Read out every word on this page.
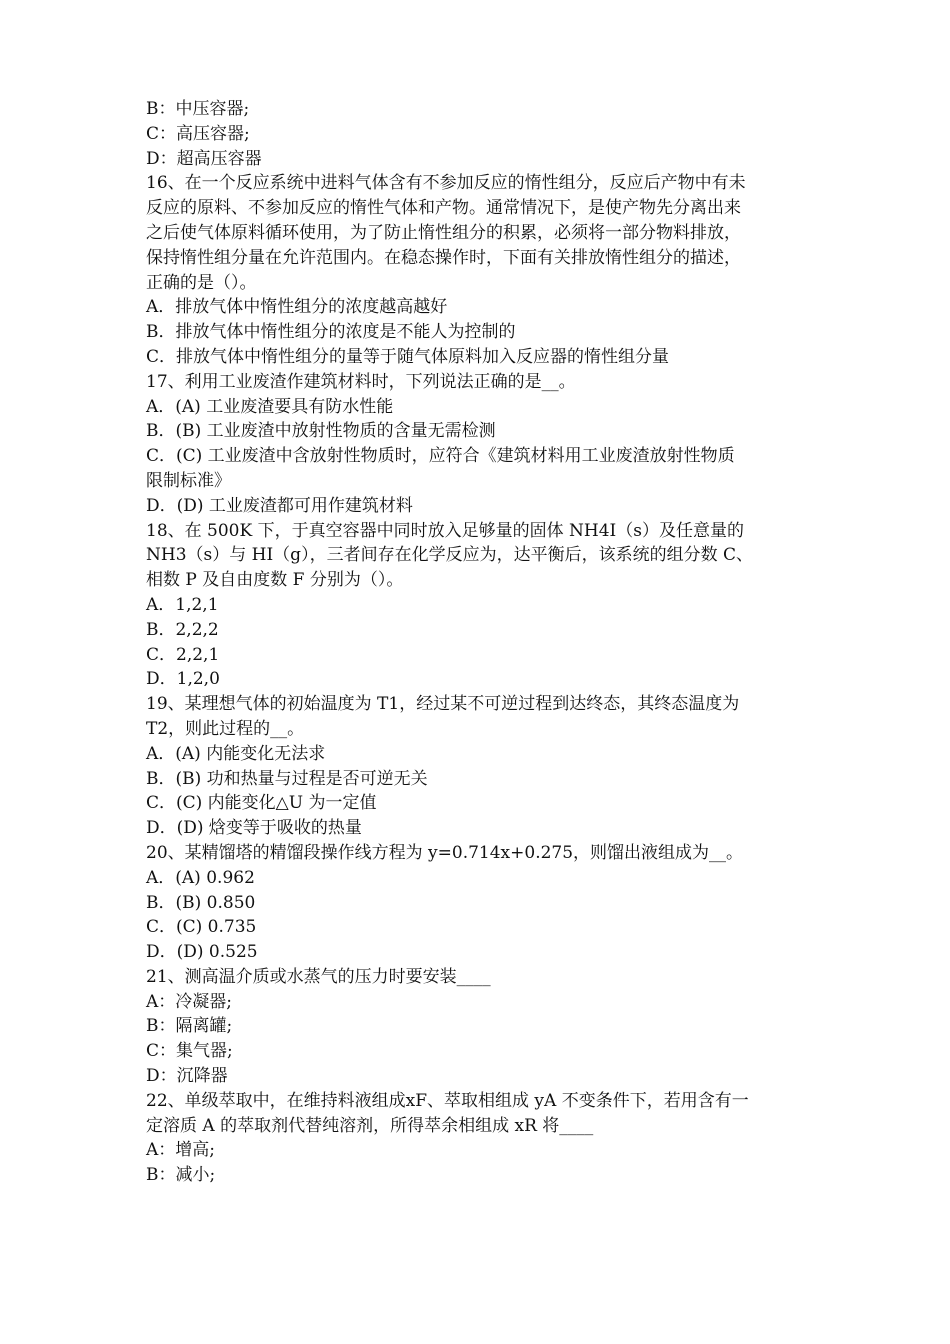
B：中压容器;

C：高压容器;

D：超高压容器

16、在一个反应系统中进料气体含有不参加反应的惰性组分，反应后产物中有未

反应的原料、不参加反应的惰性气体和产物。通常情况下，是使产物先分离出来

之后使气体原料循环使用，为了防止惰性组分的积累，必须将一部分物料排放，

保持惰性组分量在允许范围内。在稳态操作时，下面有关排放惰性组分的描述，

正确的是（）。

A．排放气体中惰性组分的浓度越高越好

B．排放气体中惰性组分的浓度是不能人为控制的

C．排放气体中惰性组分的量等于随气体原料加入反应器的惰性组分量

17、利用工业废渣作建筑材料时，下列说法正确的是__。

A．(A) 工业废渣要具有防水性能

B．(B) 工业废渣中放射性物质的含量无需检测

C．(C) 工业废渣中含放射性物质时，应符合《建筑材料用工业废渣放射性物质

限制标准》

D．(D) 工业废渣都可用作建筑材料

18、在 500K 下，于真空容器中同时放入足够量的固体 NH4I（s）及任意量的

NH3（s）与 HI（g），三者间存在化学反应为，达平衡后，该系统的组分数 C、

相数 P 及自由度数 F 分别为（）。

A．1,2,1

B．2,2,2

C．2,2,1

D．1,2,0

19、某理想气体的初始温度为 T1，经过某不可逆过程到达终态，其终态温度为

T2，则此过程的__。

A．(A) 内能变化无法求

B．(B) 功和热量与过程是否可逆无关

C．(C) 内能变化△U 为一定值

D．(D) 焓变等于吸收的热量

20、某精馏塔的精馏段操作线方程为 y=0.714x+0.275，则馏出液组成为__。

A．(A) 0.962

B．(B) 0.850

C．(C) 0.735

D．(D) 0.525

21、测高温介质或水蒸气的压力时要安装____

A：冷凝器;

B：隔离罐;

C：集气器;

D：沉降器

22、单级萃取中，在维持料液组成xF、萃取相组成 yA 不变条件下，若用含有一

定溶质 A 的萃取剂代替纯溶剂，所得萃余相组成 xR 将____

A：增高;

B：减小;
